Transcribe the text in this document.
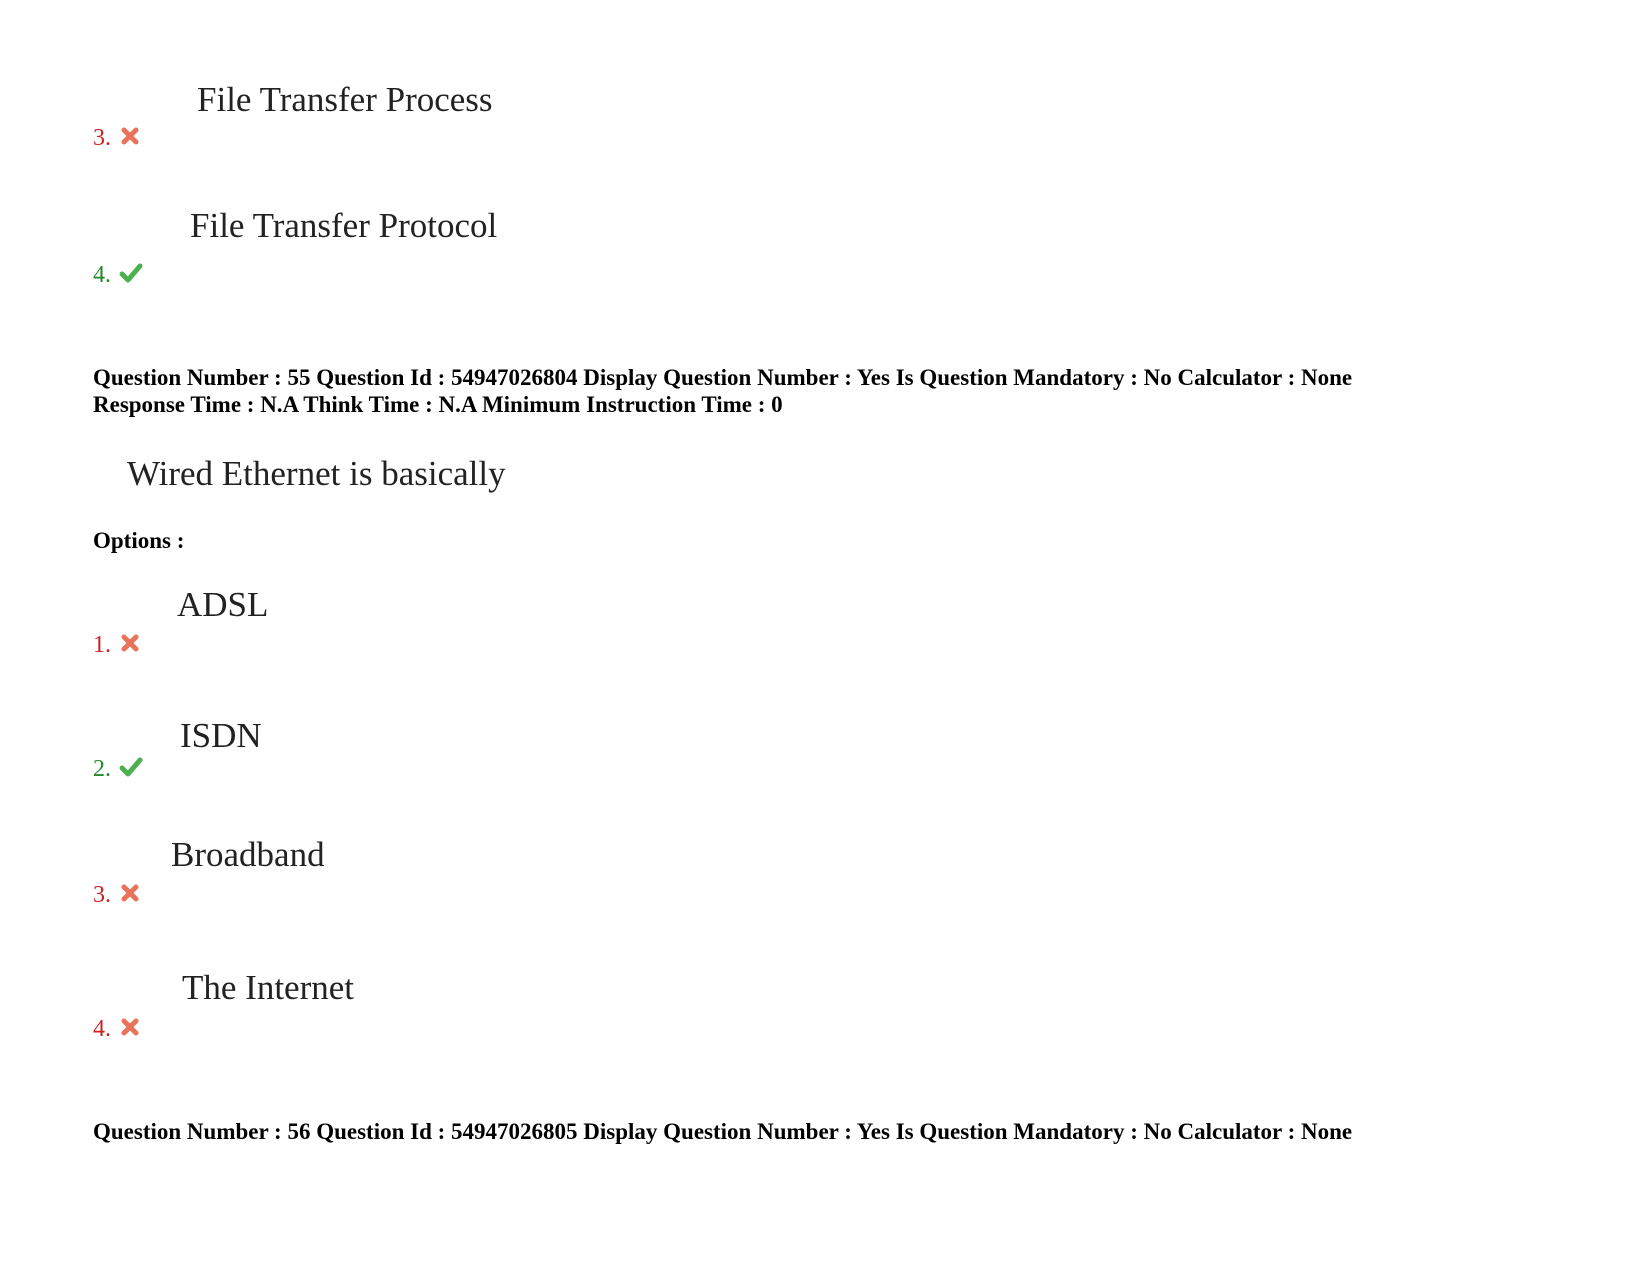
File Transfer Process
3.
File Transfer Protocol
4.
Question Number : 55 Question Id : 54947026804 Display Question Number : Yes Is Question Mandatory : No Calculator : None
Response Time : N.A Think Time : N.A Minimum Instruction Time : 0
Wired Ethernet is basically
Options :
ADSL
1.
ISDN
2.
Broadband
3.
The Internet
4.
Question Number : 56 Question Id : 54947026805 Display Question Number : Yes Is Question Mandatory : No Calculator : None
